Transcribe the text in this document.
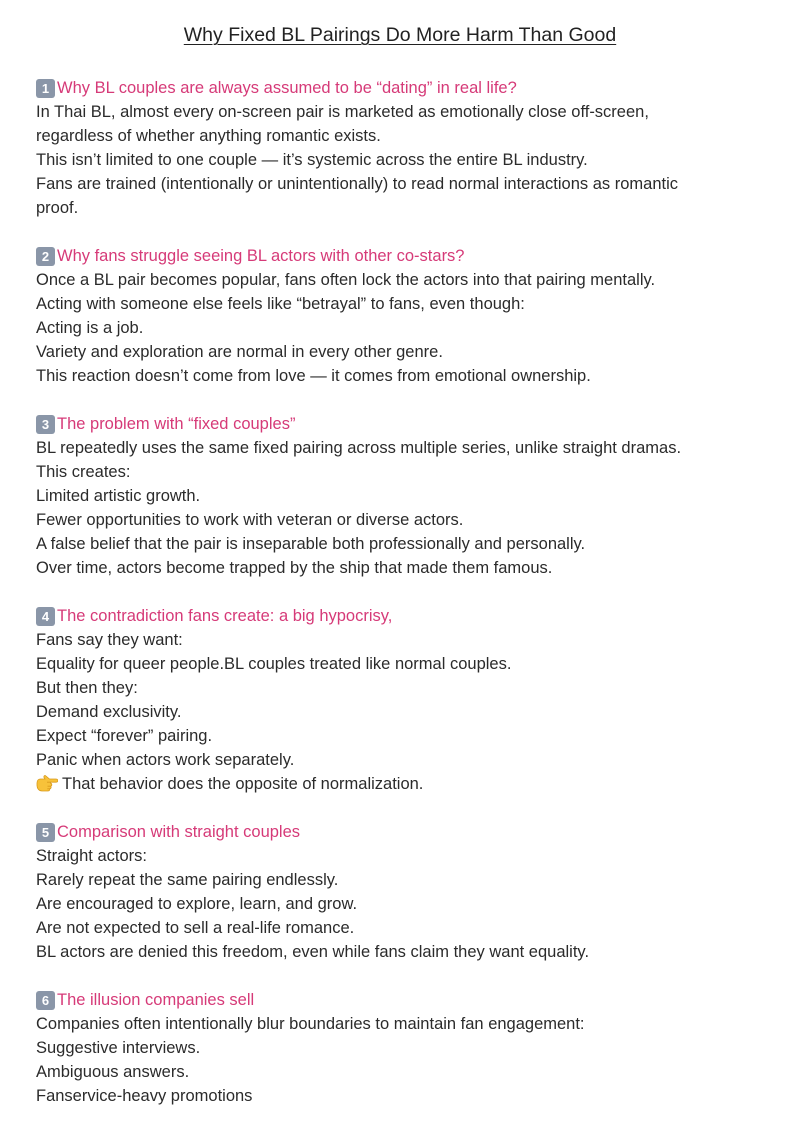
Why Fixed BL Pairings Do More Harm Than Good
1 Why BL couples are always assumed to be “dating” in real life?

In Thai BL, almost every on-screen pair is marketed as emotionally close off-screen,

regardless of whether anything romantic exists.

This isn’t limited to one couple — it’s systemic across the entire BL industry.

Fans are trained (intentionally or unintentionally) to read normal interactions as romantic

proof.

2 Why fans struggle seeing BL actors with other co-stars?

Once a BL pair becomes popular, fans often lock the actors into that pairing mentally.

Acting with someone else feels like “betrayal” to fans, even though:

Acting is a job.

Variety and exploration are normal in every other genre.

This reaction doesn’t come from love — it comes from emotional ownership.

3 The problem with “fixed couples”

BL repeatedly uses the same fixed pairing across multiple series, unlike straight dramas.

This creates:

Limited artistic growth.

Fewer opportunities to work with veteran or diverse actors.

A false belief that the pair is inseparable both professionally and personally.

Over time, actors become trapped by the ship that made them famous.

4 The contradiction fans create: a big hypocrisy,

Fans say they want:

Equality for queer people.BL couples treated like normal couples.

But then they:

Demand exclusivity.

Expect “forever” pairing.

Panic when actors work separately.

That behavior does the opposite of normalization.

5 Comparison with straight couples

Straight actors:

Rarely repeat the same pairing endlessly.

Are encouraged to explore, learn, and grow.

Are not expected to sell a real-life romance.

BL actors are denied this freedom, even while fans claim they want equality.

6 The illusion companies sell

Companies often intentionally blur boundaries to maintain fan engagement:

Suggestive interviews.

Ambiguous answers.

Fanservice-heavy promotions
